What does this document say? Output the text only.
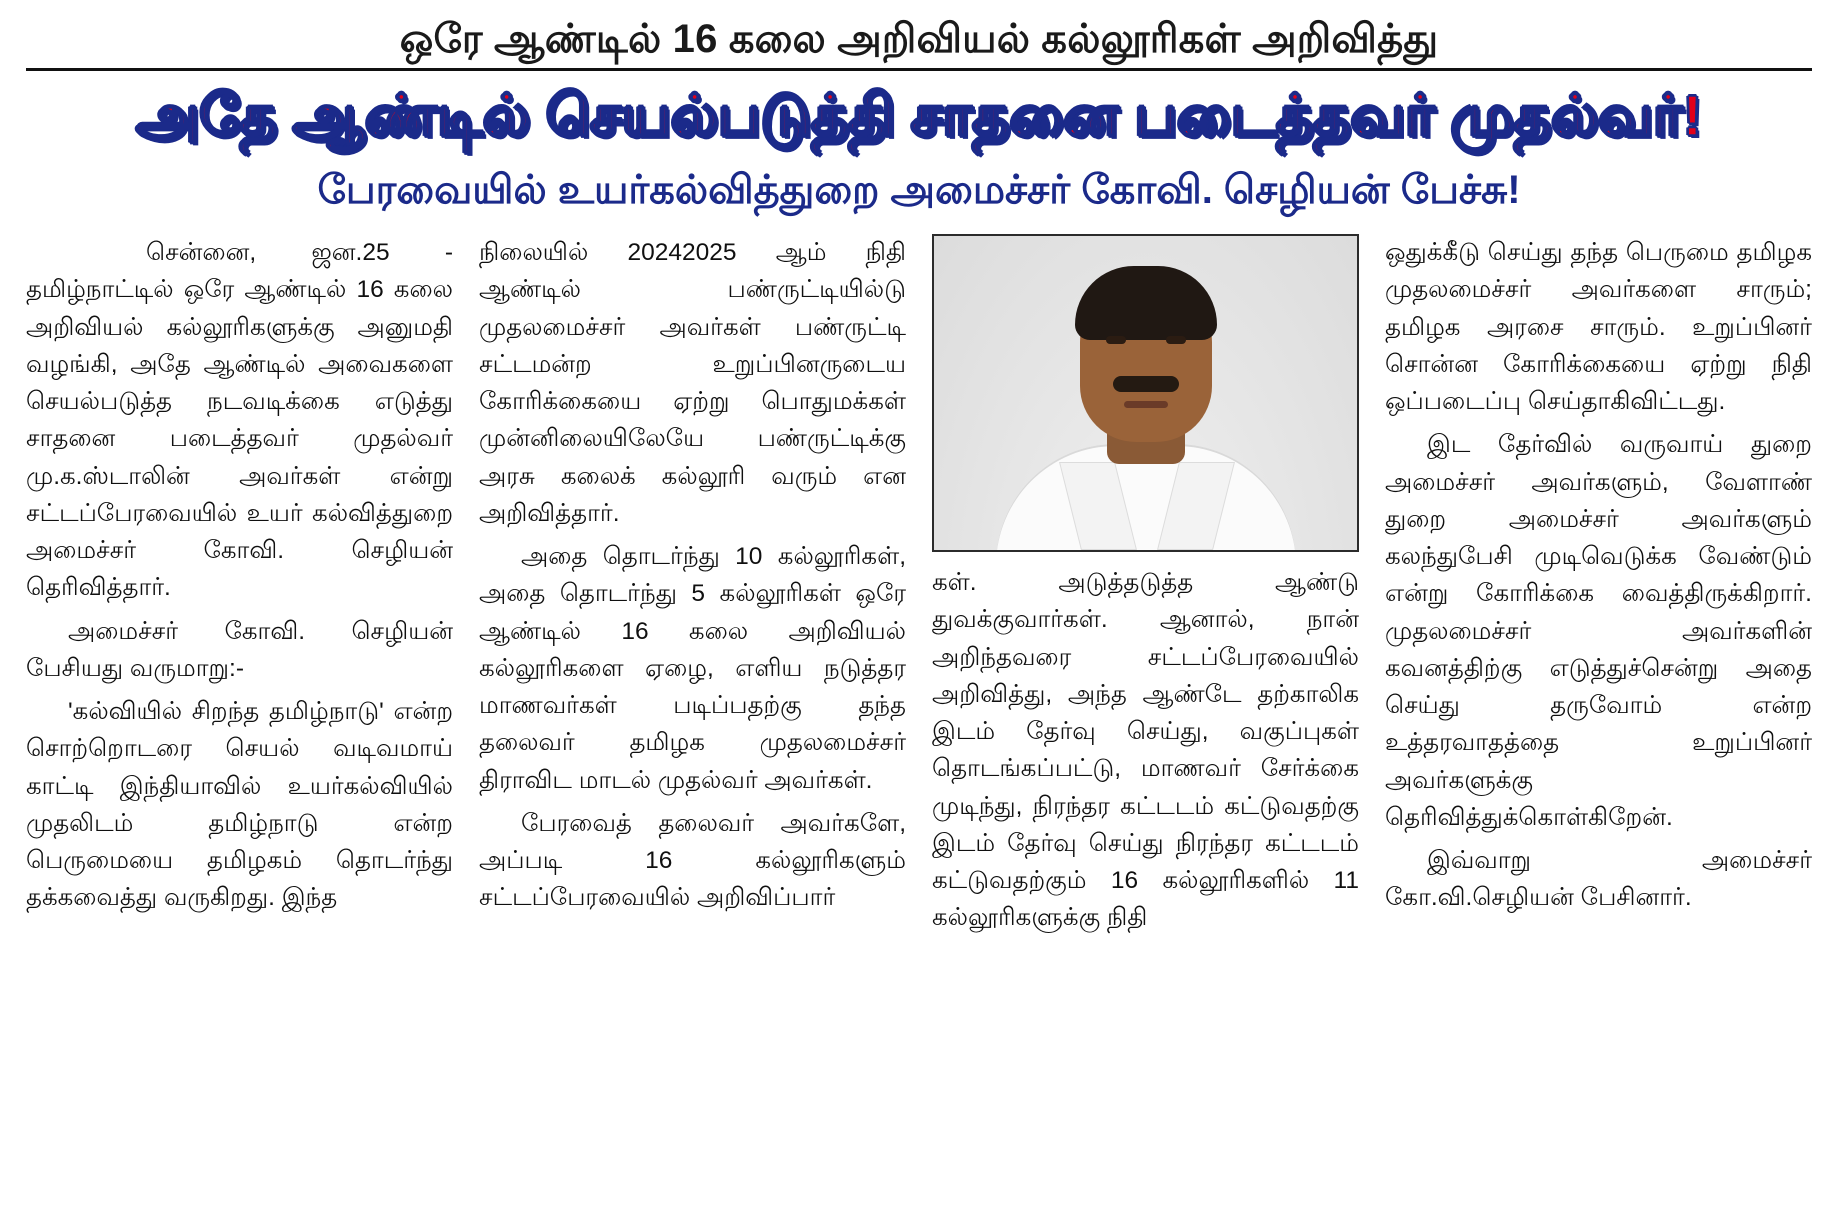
ஒரே ஆண்டில் 16 கலை அறிவியல் கல்லூரிகள் அறிவித்து
அதே ஆண்டில் செயல்படுத்தி சாதனை படைத்தவர் முதல்வர்!
பேரவையில் உயர்கல்வித்துறை அமைச்சர் கோவி. செழியன் பேச்சு!

சென்னை, ஜன.25 - தமிழ்நாட்டில் ஒரே ஆண்டில் 16 கலை அறிவியல் கல்லூரிகளுக்கு அனுமதி வழங்கி, அதே ஆண்டில் அவைகளை செயல்படுத்த நடவடிக்கை எடுத்து சாதனை படைத்தவர் முதல்வர் மு.க.ஸ்டாலின் அவர்கள் என்று சட்டப்பேரவையில் உயர் கல்வித்துறை அமைச்சர் கோவி. செழியன் தெரிவித்தார்.

அமைச்சர் கோவி. செழியன் பேசியது வருமாறு:-

'கல்வியில் சிறந்த தமிழ்நாடு' என்ற சொற்றொடரை செயல் வடிவமாய் காட்டி இந்தியாவில் உயர்கல்வியில் முதலிடம் தமிழ்நாடு என்ற பெருமையை தமிழகம் தொடர்ந்து தக்கவைத்து வருகிறது. இந்த

நிலையில் 20242025 ஆம் நிதி ஆண்டில் பண்ருட்டியில்டு முதலமைச்சர் அவர்கள் பண்ருட்டி சட்டமன்ற உறுப்பினருடைய கோரிக்கையை ஏற்று பொதுமக்கள் முன்னிலையிலேயே பண்ருட்டிக்கு அரசு கலைக் கல்லூரி வரும் என அறிவித்தார்.

அதை தொடர்ந்து 10 கல்லூரிகள், அதை தொடர்ந்து 5 கல்லூரிகள் ஒரே ஆண்டில் 16 கலை அறிவியல் கல்லூரிகளை ஏழை, எளிய நடுத்தர மாணவர்கள் படிப்பதற்கு தந்த தலைவர் தமிழக முதலமைச்சர் திராவிட மாடல் முதல்வர் அவர்கள்.

பேரவைத் தலைவர் அவர்களே, அப்படி 16 கல்லூரிகளும் சட்டப்பேரவையில் அறிவிப்பார்

கள். அடுத்தடுத்த ஆண்டு துவக்குவார்கள். ஆனால், நான் அறிந்தவரை சட்டப்பேரவையில் அறிவித்து, அந்த ஆண்டே தற்காலிக இடம் தேர்வு செய்து, வகுப்புகள் தொடங்கப்பட்டு, மாணவர் சேர்க்கை முடிந்து, நிரந்தர கட்டடம் கட்டுவதற்கு இடம் தேர்வு செய்து நிரந்தர கட்டடம் கட்டுவதற்கும் 16 கல்லூரிகளில் 11 கல்லூரிகளுக்கு நிதி

ஒதுக்கீடு செய்து தந்த பெருமை தமிழக முதலமைச்சர் அவர்களை சாரும்; தமிழக அரசை சாரும். உறுப்பினர் சொன்ன கோரிக்கையை ஏற்று நிதி ஒப்படைப்பு செய்தாகிவிட்டது.

இட தேர்வில் வருவாய் துறை அமைச்சர் அவர்களும், வேளாண் துறை அமைச்சர் அவர்களும் கலந்துபேசி முடிவெடுக்க வேண்டும் என்று கோரிக்கை வைத்திருக்கிறார். முதலமைச்சர் அவர்களின் கவனத்திற்கு எடுத்துச்சென்று அதை செய்து தருவோம் என்ற உத்தரவாதத்தை உறுப்பினர் அவர்களுக்கு தெரிவித்துக்கொள்கிறேன்.

இவ்வாறு அமைச்சர் கோ.வி.செழியன் பேசினார்.
